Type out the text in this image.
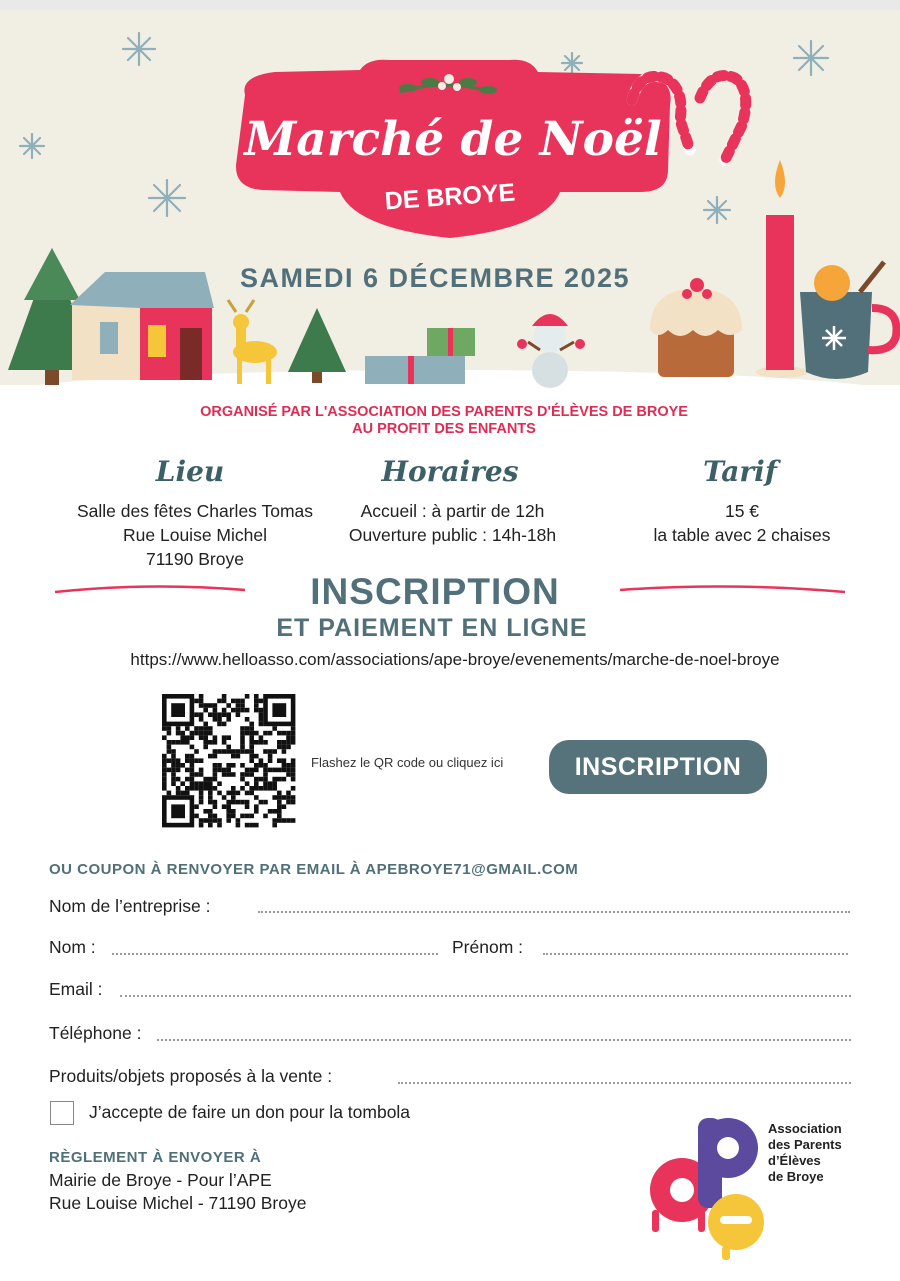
Marché de Noël
DE BROYE
SAMEDI 6 DÉCEMBRE 2025
ORGANISÉ PAR L'ASSOCIATION DES PARENTS D'ÉLÈVES DE BROYE
AU PROFIT DES ENFANTS
Lieu
Salle des fêtes Charles Tomas
Rue Louise Michel
71190 Broye
Horaires
Accueil : à partir de 12h
Ouverture public : 14h-18h
Tarif
15 €
la table avec 2 chaises
INSCRIPTION
ET PAIEMENT EN LIGNE
https://www.helloasso.com/associations/ape-broye/evenements/marche-de-noel-broye
Flashez le QR code ou cliquez ici	INSCRIPTION
OU COUPON À RENVOYER PAR EMAIL À APEBROYE71@GMAIL.COM
Nom de l’entreprise :
Nom :	Prénom :
Email :
Téléphone :
Produits/objets proposés à la vente :
J’accepte de faire un don pour la tombola
RÈGLEMENT À ENVOYER À
Mairie de Broye - Pour l’APE
Rue Louise Michel - 71190 Broye
Association
des Parents
d’Élèves
de Broye
